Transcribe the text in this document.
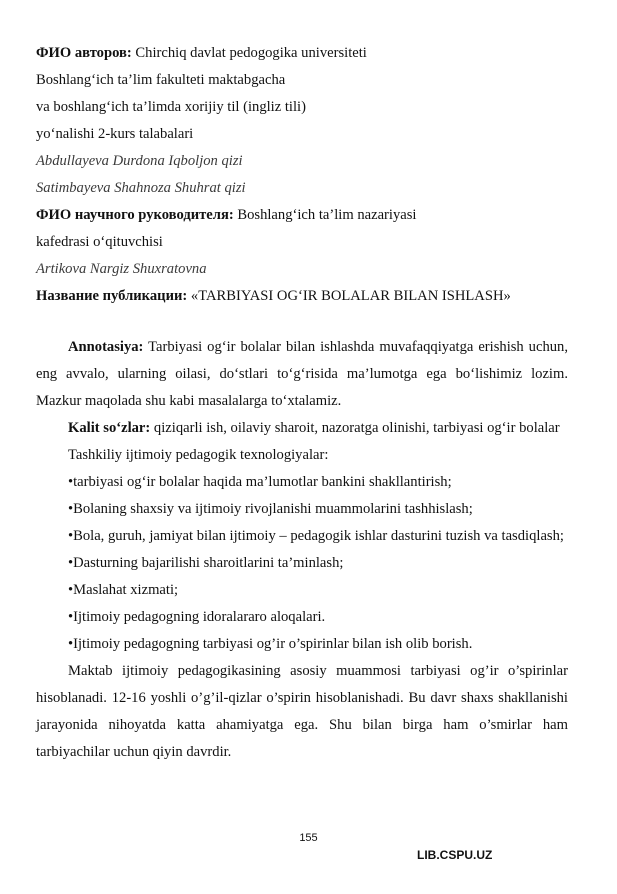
ФИО авторов: Chirchiq davlat pedogogika universiteti
Boshlang‘ich ta’lim fakulteti maktabgacha
va boshlang‘ich ta’limda xorijiy til (ingliz tili)
yo‘nalishi 2-kurs talabalari
Abdullayeva Durdona Iqboljon qizi
Satimbayeva Shahnoza Shuhrat qizi
ФИО научного руководителя: Boshlang‘ich ta’lim nazariyasi
kafedrasi o‘qituvchisi
Artikova Nargiz Shuxratovna
Название публикации: «TARBIYASI OG‘IR BOLALAR BILAN ISHLASH»

Annotasiya: Tarbiyasi og‘ir bolalar bilan ishlashda muvafaqqiyatga erishish uchun, eng avvalo, ularning oilasi, do‘stlari to‘g‘risida ma’lumotga ega bo‘lishimiz lozim. Mazkur maqolada shu kabi masalalarga to‘xtalamiz.

Kalit so‘zlar: qiziqarli ish, oilaviy sharoit, nazoratga olinishi, tarbiyasi og‘ir bolalar

Tashkiliy ijtimoiy pedagogik texnologiyalar:

•tarbiyasi og‘ir bolalar haqida ma’lumotlar bankini shakllantirish;

•Bolaning shaxsiy va ijtimoiy rivojlanishi muammolarini tashhislash;

•Bola, guruh, jamiyat bilan ijtimoiy – pedagogik ishlar dasturini tuzish va tasdiqlash;

•Dasturning bajarilishi sharoitlarini ta’minlash;

•Maslahat xizmati;

•Ijtimoiy pedagogning idoralararo aloqalari.

•Ijtimoiy pedagogning tarbiyasi og’ir o’spirinlar bilan ish olib borish.

Maktab ijtimoiy pedagogikasining asosiy muammosi tarbiyasi og’ir o’spirinlar hisoblanadi. 12-16 yoshli o’g’il-qizlar o’spirin hisoblanishadi. Bu davr shaxs shakllanishi jarayonida nihoyatda katta ahamiyatga ega. Shu bilan birga ham o’smirlar ham tarbiyachilar uchun qiyin davrdir.

155
LIB.CSPU.UZ
